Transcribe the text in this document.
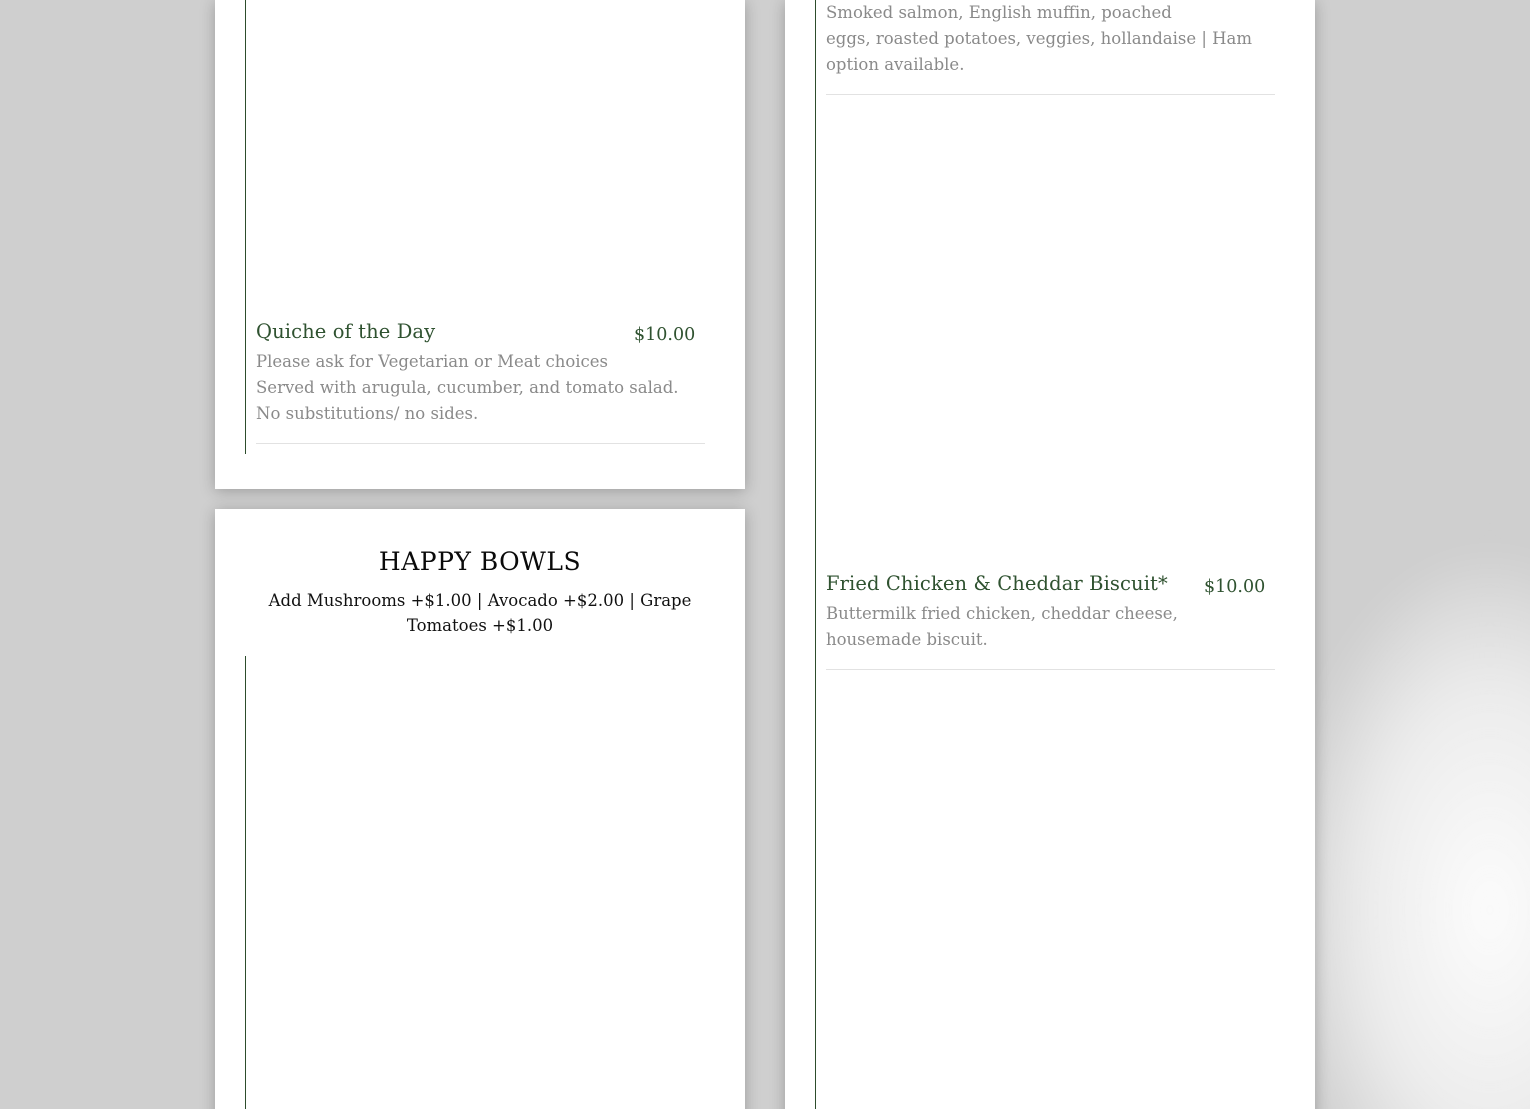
Quiche of the Day	$10.00
Please ask for Vegetarian or Meat choices
Served with arugula, cucumber, and tomato salad.
No substitutions/ no sides.
HAPPY BOWLS
Add Mushrooms +$1.00 | Avocado +$2.00 | Grape
Tomatoes +$1.00
Smoked salmon, English muffin, poached
eggs, roasted potatoes, veggies, hollandaise | Ham
option available.
Fried Chicken & Cheddar Biscuit* $10.00
Buttermilk fried chicken, cheddar cheese,
housemade biscuit.
